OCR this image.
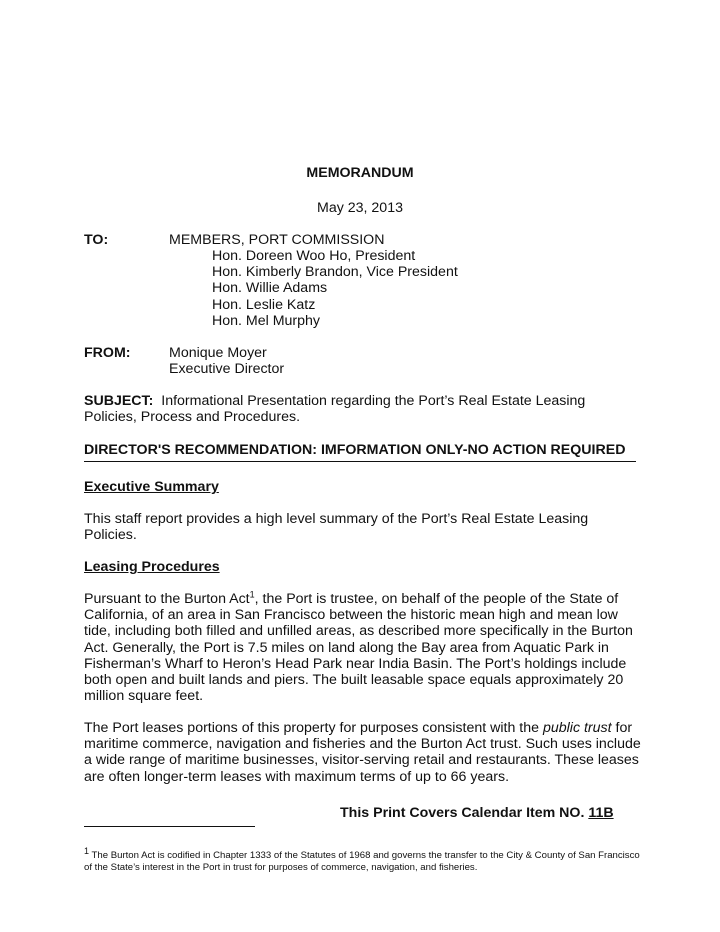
MEMORANDUM
May 23, 2013
TO:	MEMBERS, PORT COMMISSION
Hon. Doreen Woo Ho, President
Hon. Kimberly Brandon, Vice President
Hon. Willie Adams
Hon. Leslie Katz
Hon. Mel Murphy
FROM:	Monique Moyer
Executive Director
SUBJECT: Informational Presentation regarding the Port’s Real Estate Leasing Policies, Process and Procedures.
DIRECTOR'S RECOMMENDATION: IMFORMATION ONLY-NO ACTION REQUIRED
Executive Summary
This staff report provides a high level summary of the Port’s Real Estate Leasing Policies.
Leasing Procedures
Pursuant to the Burton Act$^1$, the Port is trustee, on behalf of the people of the State of California, of an area in San Francisco between the historic mean high and mean low tide, including both filled and unfilled areas, as described more specifically in the Burton Act. Generally, the Port is 7.5 miles on land along the Bay area from Aquatic Park in Fisherman’s Wharf to Heron’s Head Park near India Basin. The Port’s holdings include both open and built lands and piers. The built leasable space equals approximately 20 million square feet.
The Port leases portions of this property for purposes consistent with the public trust for maritime commerce, navigation and fisheries and the Burton Act trust. Such uses include a wide range of maritime businesses, visitor-serving retail and restaurants. These leases are often longer-term leases with maximum terms of up to 66 years.
This Print Covers Calendar Item NO. 11B
$^1$ The Burton Act is codified in Chapter 1333 of the Statutes of 1968 and governs the transfer to the City & County of San Francisco of the State’s interest in the Port in trust for purposes of commerce, navigation, and fisheries.
